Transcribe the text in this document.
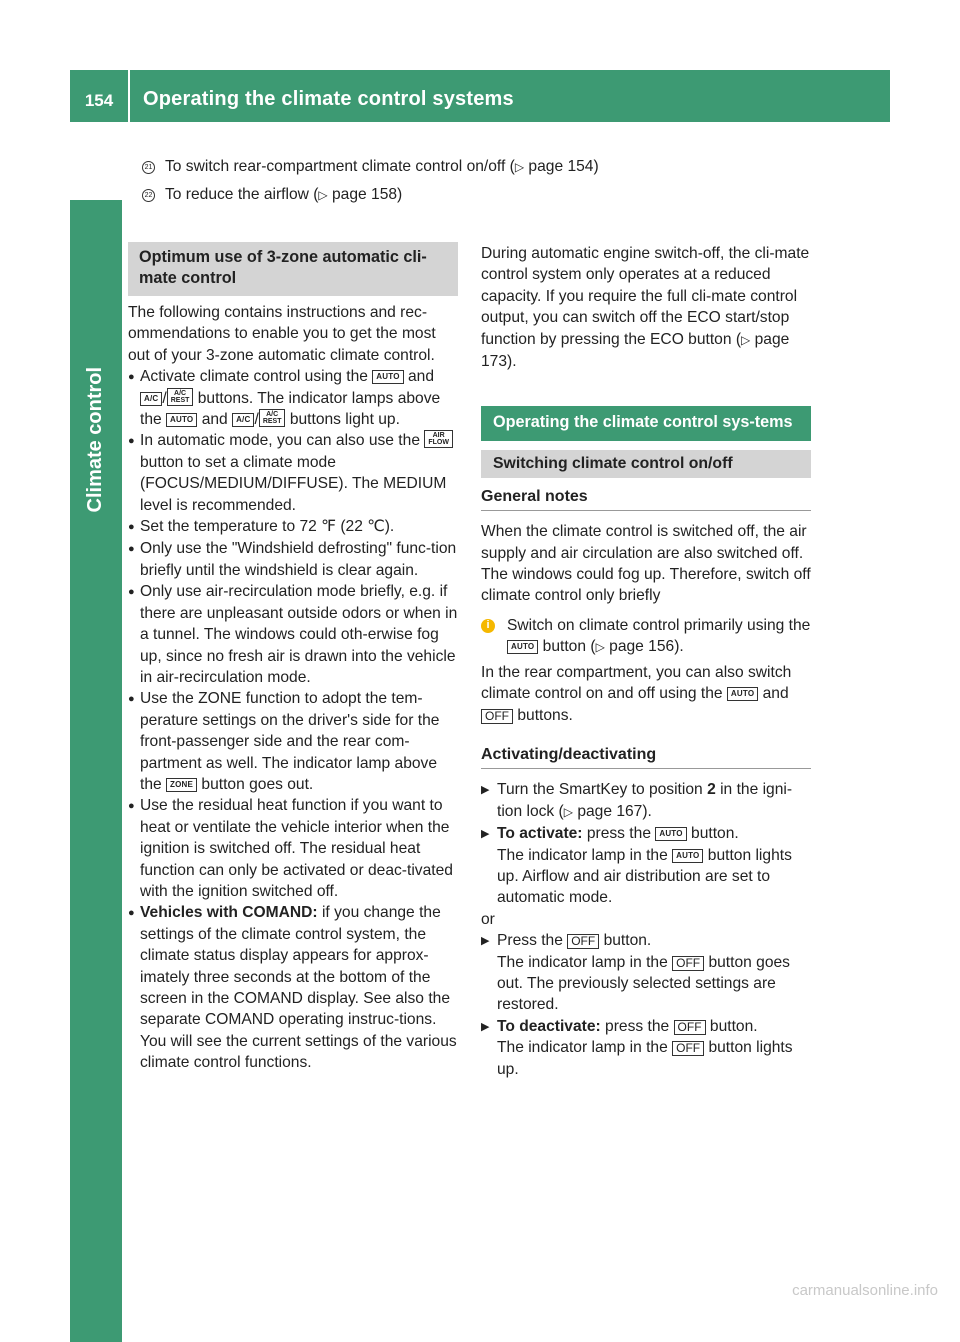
154	Operating the climate control systems
Climate control
21 To switch rear-compartment climate control on/off (▷ page 154)
22 To reduce the airflow (▷ page 158)
Optimum use of 3-zone automatic cli-mate control

The following contains instructions and rec-ommendations to enable you to get the most out of your 3-zone automatic climate control.

● Activate climate control using the AUTO and A/C / A/C
REST buttons. The indicator lamps above the AUTO and A/C / A/C
REST buttons light up.

● In automatic mode, you can also use the AIR
FLOW button to set a climate mode (FOCUS/MEDIUM/DIFFUSE). The MEDIUM level is recommended.

● Set the temperature to 72 ℉ (22 ℃).

● Only use the "Windshield defrosting" func-tion briefly until the windshield is clear again.

● Only use air-recirculation mode briefly, e.g. if there are unpleasant outside odors or when in a tunnel. The windows could oth-erwise fog up, since no fresh air is drawn into the vehicle in air-recirculation mode.

● Use the ZONE function to adopt the tem-perature settings on the driver's side for the front-passenger side and the rear com-partment as well. The indicator lamp above the ZONE button goes out.

● Use the residual heat function if you want to heat or ventilate the vehicle interior when the ignition is switched off. The residual heat function can only be activated or deac-tivated with the ignition switched off.

● Vehicles with COMAND: if you change the settings of the climate control system, the climate status display appears for approx-imately three seconds at the bottom of the screen in the COMAND display. See also the separate COMAND operating instruc-tions. You will see the current settings of the various climate control functions.

During automatic engine switch-off, the cli-mate control system only operates at a reduced capacity. If you require the full cli-mate control output, you can switch off the ECO start/stop function by pressing the ECO button (▷ page 173).

Operating the climate control sys-tems
Switching climate control on/off
General notes

When the climate control is switched off, the air supply and air circulation are also switched off. The windows could fog up. Therefore, switch off climate control only briefly

i	Switch on climate control primarily using the AUTO button (▷ page 156).

In the rear compartment, you can also switch climate control on and off using the AUTO and OFF buttons.

Activating/deactivating
▶ Turn the SmartKey to position 2 in the igni-tion lock (▷ page 167).

▶ To activate: press the AUTO button.
The indicator lamp in the AUTO button lights up. Airflow and air distribution are set to automatic mode.

or

▶ Press the OFF button.
The indicator lamp in the OFF button goes out. The previously selected settings are restored.

▶ To deactivate: press the OFF button.
The indicator lamp in the OFF button lights up.

carmanualsonline.info
